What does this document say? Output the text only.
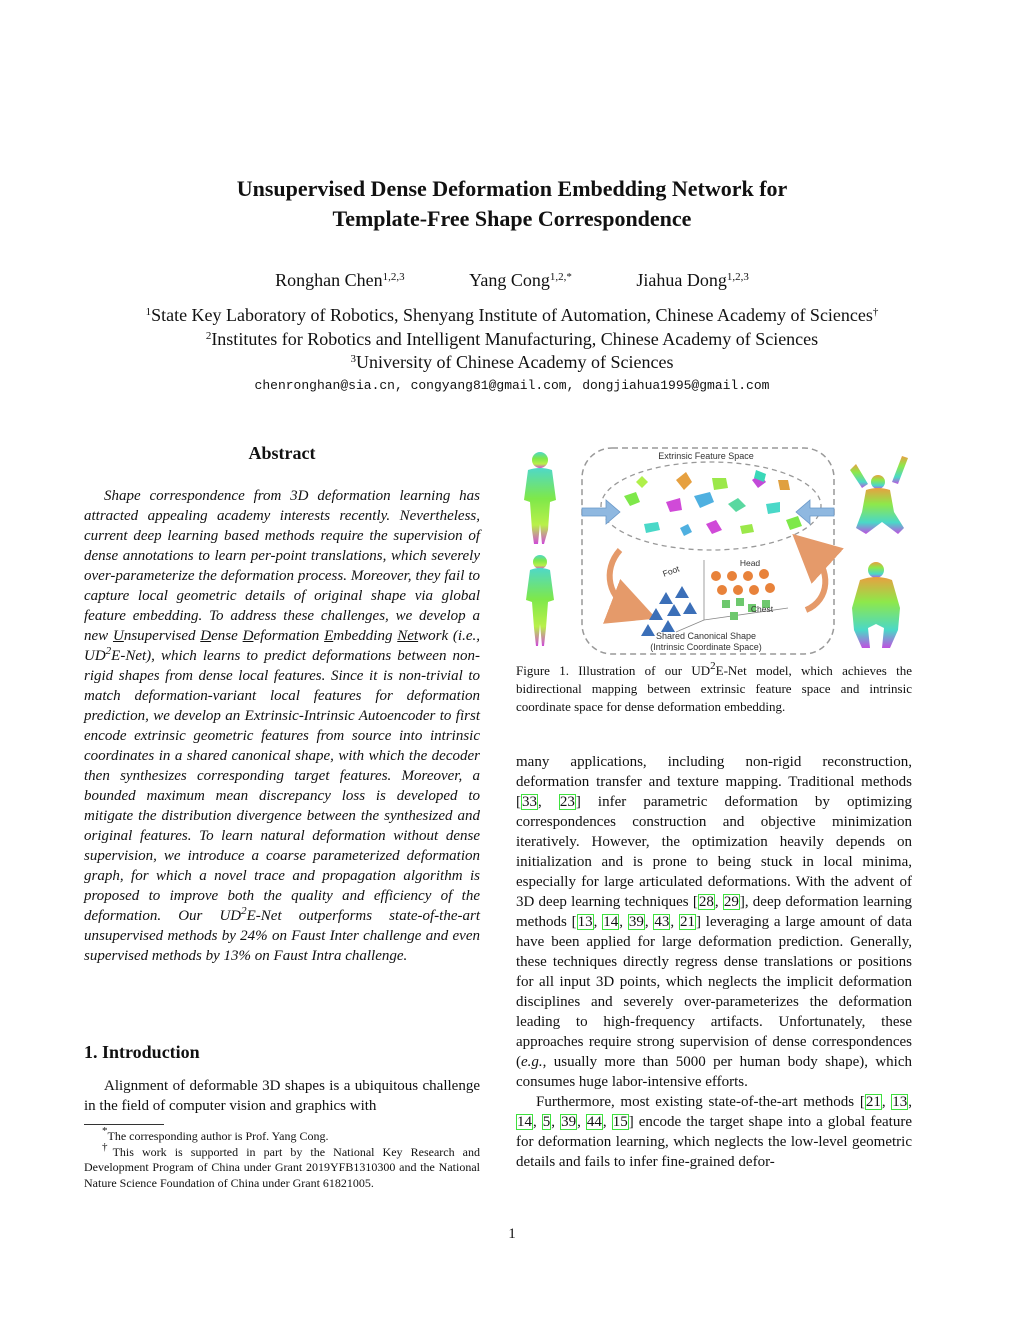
Unsupervised Dense Deformation Embedding Network for
Template-Free Shape Correspondence
Ronghan Chen$^{1,2,3}$	Yang Cong$^{1,2,*}$	Jiahua Dong$^{1,2,3}$
$^1$State Key Laboratory of Robotics, Shenyang Institute of Automation, Chinese Academy of Sciences†
$^2$Institutes for Robotics and Intelligent Manufacturing, Chinese Academy of Sciences
$^3$University of Chinese Academy of Sciences
chenronghan@sia.cn, congyang81@gmail.com, dongjiahua1995@gmail.com
Abstract

Shape correspondence from 3D deformation learning has attracted appealing academy interests recently. Nevertheless, current deep learning based methods require the supervision of dense annotations to learn per-point translations, which severely over-parameterize the deformation process. Moreover, they fail to capture local geometric details of original shape via global feature embedding. To address these challenges, we develop a new Unsupervised Dense Deformation Embedding Network (i.e., $UD^2E-Net$), which learns to predict deformations between non-rigid shapes from dense local features. Since it is non-trivial to match deformation-variant local features for deformation prediction, we develop an Extrinsic-Intrinsic Autoencoder to first encode extrinsic geometric features from source into intrinsic coordinates in a shared canonical shape, with which the decoder then synthesizes corresponding target features. Moreover, a bounded maximum mean discrepancy loss is developed to mitigate the distribution divergence between the synthesized and original features. To learn natural deformation without dense supervision, we introduce a coarse parameterized deformation graph, for which a novel trace and propagation algorithm is proposed to improve both the quality and efficiency of the deformation. Our $UD^2E$-Net outperforms state-of-the-art unsupervised methods by 24% on Faust Inter challenge and even supervised methods by 13% on Faust Intra challenge.

1. Introduction

Alignment of deformable 3D shapes is a ubiquitous challenge in the field of computer vision and graphics with

*The corresponding author is Prof. Yang Cong.

†This work is supported in part by the National Key Research and Development Program of China under Grant 2019YFB1310300 and the National Nature Science Foundation of China under Grant 61821005.

Extrinsic Feature Space
Head
Foot
Chest
Shared Canonical Shape
(Intrinsic Coordinate Space)
Figure 1. Illustration of our $UD^2E$-Net model, which achieves the bidirectional mapping between extrinsic feature space and intrinsic coordinate space for dense deformation embedding.

many applications, including non-rigid reconstruction, deformation transfer and texture mapping. Traditional methods [33, 23] infer parametric deformation by optimizing correspondences construction and objective minimization iteratively. However, the optimization heavily depends on initialization and is prone to being stuck in local minima, especially for large articulated deformations. With the advent of 3D deep learning techniques [28, 29], deep deformation learning methods [13, 14, 39, 43, 21] leveraging a large amount of data have been applied for large deformation prediction. Generally, these techniques directly regress dense translations or positions for all input 3D points, which neglects the implicit deformation disciplines and severely over-parameterizes the deformation leading to high-frequency artifacts. Unfortunately, these approaches require strong supervision of dense correspondences (e.g., usually more than 5000 per human body shape), which consumes huge labor-intensive efforts.

Furthermore, most existing state-of-the-art methods [21, 13, 14, 5, 39, 44, 15] encode the target shape into a global feature for deformation learning, which neglects the low-level geometric details and fails to infer fine-grained defor-

1
